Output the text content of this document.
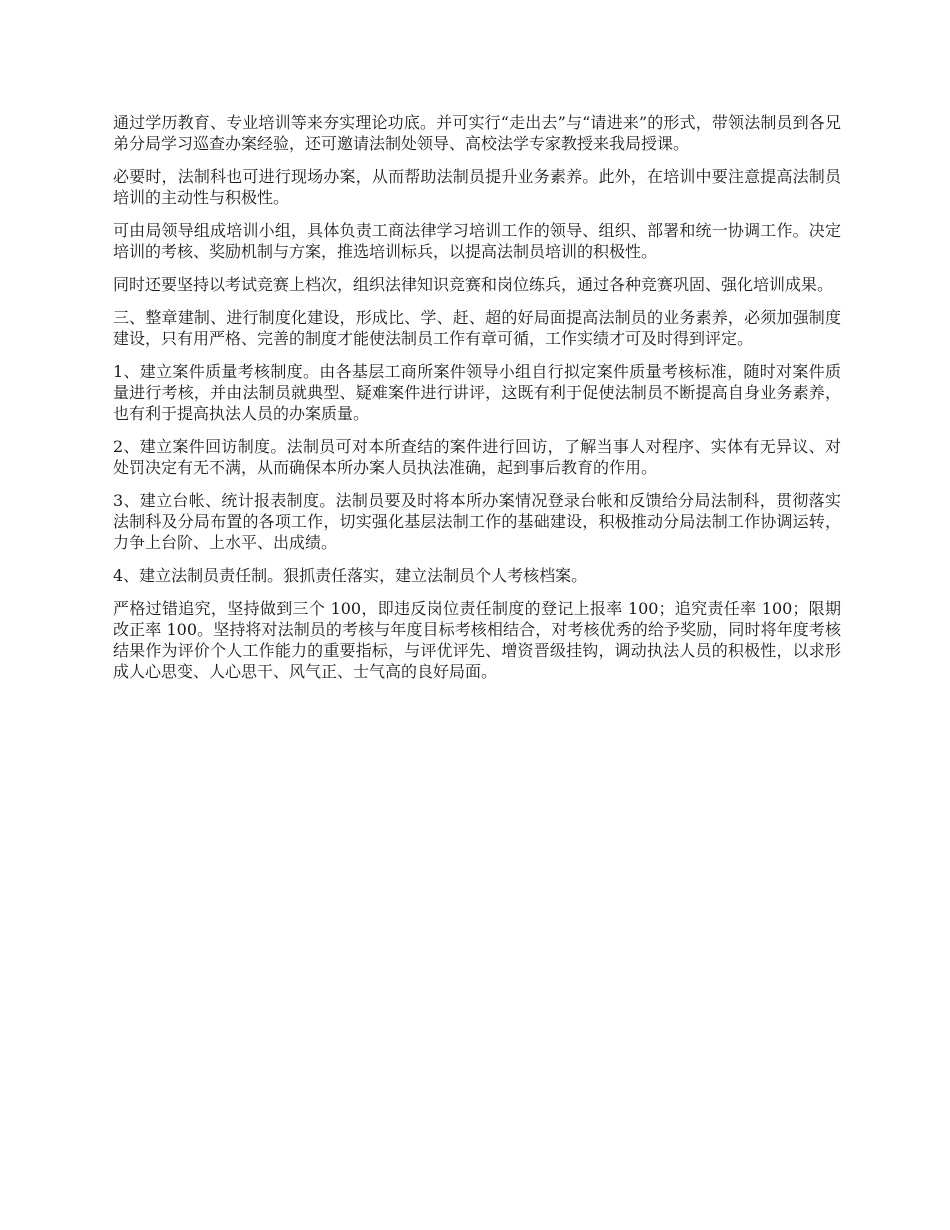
通过学历教育、专业培训等来夯实理论功底。并可实行“走出去”与“请进来”的形式，带领法制员到各兄弟分局学习巡查办案经验，还可邀请法制处领导、高校法学专家教授来我局授课。

必要时，法制科也可进行现场办案，从而帮助法制员提升业务素养。此外，在培训中要注意提高法制员培训的主动性与积极性。

可由局领导组成培训小组，具体负责工商法律学习培训工作的领导、组织、部署和统一协调工作。决定培训的考核、奖励机制与方案，推选培训标兵，以提高法制员培训的积极性。

同时还要坚持以考试竞赛上档次，组织法律知识竞赛和岗位练兵，通过各种竞赛巩固、强化培训成果。

三、整章建制、进行制度化建设，形成比、学、赶、超的好局面提高法制员的业务素养，必须加强制度建设，只有用严格、完善的制度才能使法制员工作有章可循，工作实绩才可及时得到评定。

1、建立案件质量考核制度。由各基层工商所案件领导小组自行拟定案件质量考核标准，随时对案件质量进行考核，并由法制员就典型、疑难案件进行讲评，这既有利于促使法制员不断提高自身业务素养，也有利于提高执法人员的办案质量。

2、建立案件回访制度。法制员可对本所查结的案件进行回访，了解当事人对程序、实体有无异议、对处罚决定有无不满，从而确保本所办案人员执法准确，起到事后教育的作用。

3、建立台帐、统计报表制度。法制员要及时将本所办案情况登录台帐和反馈给分局法制科，贯彻落实法制科及分局布置的各项工作，切实强化基层法制工作的基础建设，积极推动分局法制工作协调运转，力争上台阶、上水平、出成绩。

4、建立法制员责任制。狠抓责任落实，建立法制员个人考核档案。

严格过错追究，坚持做到三个 100，即违反岗位责任制度的登记上报率 100；追究责任率 100；限期改正率 100。坚持将对法制员的考核与年度目标考核相结合，对考核优秀的给予奖励，同时将年度考核结果作为评价个人工作能力的重要指标，与评优评先、增资晋级挂钩，调动执法人员的积极性，以求形成人心思变、人心思干、风气正、士气高的良好局面。
